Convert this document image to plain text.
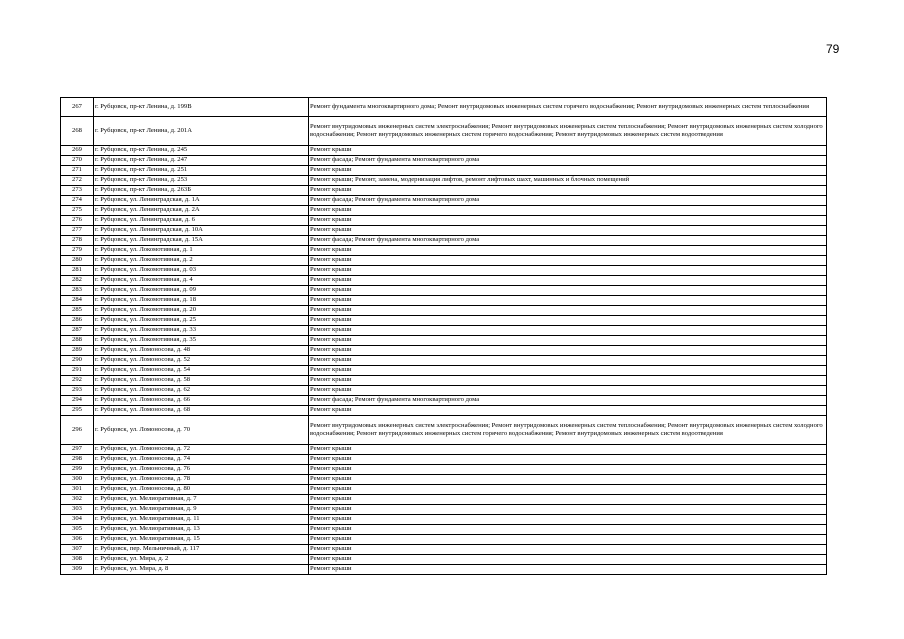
79
267	г. Рубцовск, пр-кт Ленина, д. 199В	Ремонт фундамента многоквартирного дома; Ремонт внутридомовых инженерных систем горячего водоснабжения; Ремонт внутридомовых инженерных систем теплоснабжения
268	г. Рубцовск, пр-кт Ленина, д. 201А	Ремонт внутридомовых инженерных систем электроснабжения; Ремонт внутридомовых инженерных систем теплоснабжения; Ремонт внутридомовых инженерных систем холодного водоснабжения; Ремонт внутридомовых инженерных систем горячего водоснабжения; Ремонт внутридомовых инженерных систем водоотведения
269	г. Рубцовск, пр-кт Ленина, д. 245	Ремонт крыши
270	г. Рубцовск, пр-кт Ленина, д. 247	Ремонт фасада; Ремонт фундамента многоквартирного дома
271	г. Рубцовск, пр-кт Ленина, д. 251	Ремонт крыши
272	г. Рубцовск, пр-кт Ленина, д. 253	Ремонт крыши; Ремонт, замена, модернизация лифтов, ремонт лифтовых шахт, машинных и блочных помещений
273	г. Рубцовск, пр-кт Ленина, д. 263Б	Ремонт крыши
274	г. Рубцовск, ул. Ленинградская, д. 1А	Ремонт фасада; Ремонт фундамента многоквартирного дома
275	г. Рубцовск, ул. Ленинградская, д. 2А	Ремонт крыши
276	г. Рубцовск, ул. Ленинградская, д. 6	Ремонт крыши
277	г. Рубцовск, ул. Ленинградская, д. 10А	Ремонт крыши
278	г. Рубцовск, ул. Ленинградская, д. 15А	Ремонт фасада; Ремонт фундамента многоквартирного дома
279	г. Рубцовск, ул. Локомотивная, д. 1	Ремонт крыши
280	г. Рубцовск, ул. Локомотивная, д. 2	Ремонт крыши
281	г. Рубцовск, ул. Локомотивная, д. 03	Ремонт крыши
282	г. Рубцовск, ул. Локомотивная, д. 4	Ремонт крыши
283	г. Рубцовск, ул. Локомотивная, д. 09	Ремонт крыши
284	г. Рубцовск, ул. Локомотивная, д. 18	Ремонт крыши
285	г. Рубцовск, ул. Локомотивная, д. 20	Ремонт крыши
286	г. Рубцовск, ул. Локомотивная, д. 25	Ремонт крыши
287	г. Рубцовск, ул. Локомотивная, д. 33	Ремонт крыши
288	г. Рубцовск, ул. Локомотивная, д. 35	Ремонт крыши
289	г. Рубцовск, ул. Ломоносова, д. 48	Ремонт крыши
290	г. Рубцовск, ул. Ломоносова, д. 52	Ремонт крыши
291	г. Рубцовск, ул. Ломоносова, д. 54	Ремонт крыши
292	г. Рубцовск, ул. Ломоносова, д. 58	Ремонт крыши
293	г. Рубцовск, ул. Ломоносова, д. 62	Ремонт крыши
294	г. Рубцовск, ул. Ломоносова, д. 66	Ремонт фасада; Ремонт фундамента многоквартирного дома
295	г. Рубцовск, ул. Ломоносова, д. 68	Ремонт крыши
296	г. Рубцовск, ул. Ломоносова, д. 70	Ремонт внутридомовых инженерных систем электроснабжения; Ремонт внутридомовых инженерных систем теплоснабжения; Ремонт внутридомовых инженерных систем холодного водоснабжения; Ремонт внутридомовых инженерных систем горячего водоснабжения; Ремонт внутридомовых инженерных систем водоотведения
297	г. Рубцовск, ул. Ломоносова, д. 72	Ремонт крыши
298	г. Рубцовск, ул. Ломоносова, д. 74	Ремонт крыши
299	г. Рубцовск, ул. Ломоносова, д. 76	Ремонт крыши
300	г. Рубцовск, ул. Ломоносова, д. 78	Ремонт крыши
301	г. Рубцовск, ул. Ломоносова, д. 80	Ремонт крыши
302	г. Рубцовск, ул. Мелиоративная, д. 7	Ремонт крыши
303	г. Рубцовск, ул. Мелиоративная, д. 9	Ремонт крыши
304	г. Рубцовск, ул. Мелиоративная, д. 11	Ремонт крыши
305	г. Рубцовск, ул. Мелиоративная, д. 13	Ремонт крыши
306	г. Рубцовск, ул. Мелиоративная, д. 15	Ремонт крыши
307	г. Рубцовск, пер. Мельничный, д. 117	Ремонт крыши
308	г. Рубцовск, ул. Мира, д. 2	Ремонт крыши
309	г. Рубцовск, ул. Мира, д. 8	Ремонт крыши
